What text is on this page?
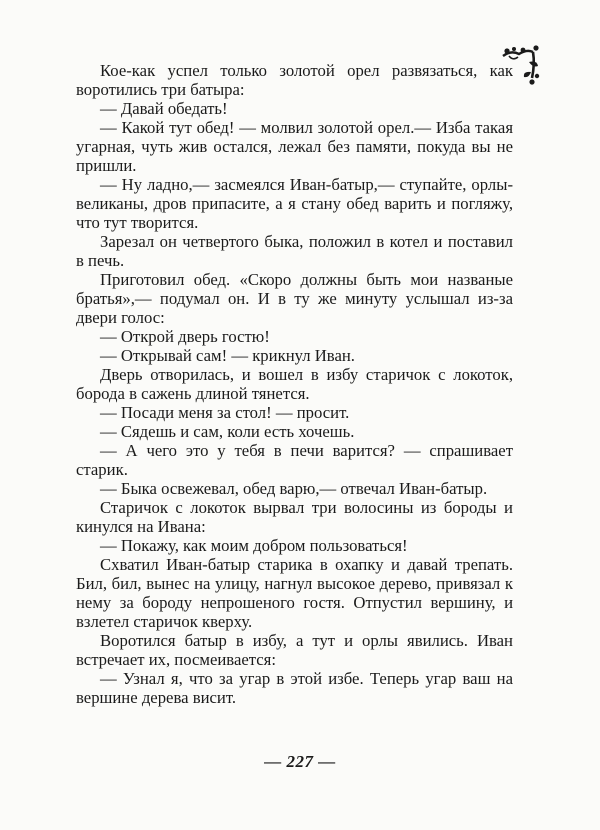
Кое-как успел только золотой орел развязаться, как воротились три батыра:

— Давай обедать!

— Какой тут обед! — молвил золотой орел.— Изба такая угарная, чуть жив остался, лежал без памяти, покуда вы не пришли.

— Ну ладно,— засмеялся Иван-батыр,— ступайте, орлы-великаны, дров припасите, а я стану обед варить и погляжу, что тут творится.

Зарезал он четвертого быка, положил в котел и поставил в печь.

Приготовил обед. «Скоро должны быть мои названые братья»,— подумал он. И в ту же минуту услышал из-за двери голос:

— Открой дверь гостю!

— Открывай сам! — крикнул Иван.

Дверь отворилась, и вошел в избу старичок с локоток, борода в сажень длиной тянется.

— Посади меня за стол! — просит.

— Сядешь и сам, коли есть хочешь.

— А чего это у тебя в печи варится? — спрашивает старик.

— Быка освежевал, обед варю,— отвечал Иван-батыр.

Старичок с локоток вырвал три волосины из бороды и кинулся на Ивана:

— Покажу, как моим добром пользоваться!

Схватил Иван-батыр старика в охапку и давай трепать. Бил, бил, вынес на улицу, нагнул высокое дерево, привязал к нему за бороду непрошеного гостя. Отпустил вершину, и взлетел старичок кверху.

Воротился батыр в избу, а тут и орлы явились. Иван встречает их, посмеивается:

— Узнал я, что за угар в этой избе. Теперь угар ваш на вершине дерева висит.

— 227 —
